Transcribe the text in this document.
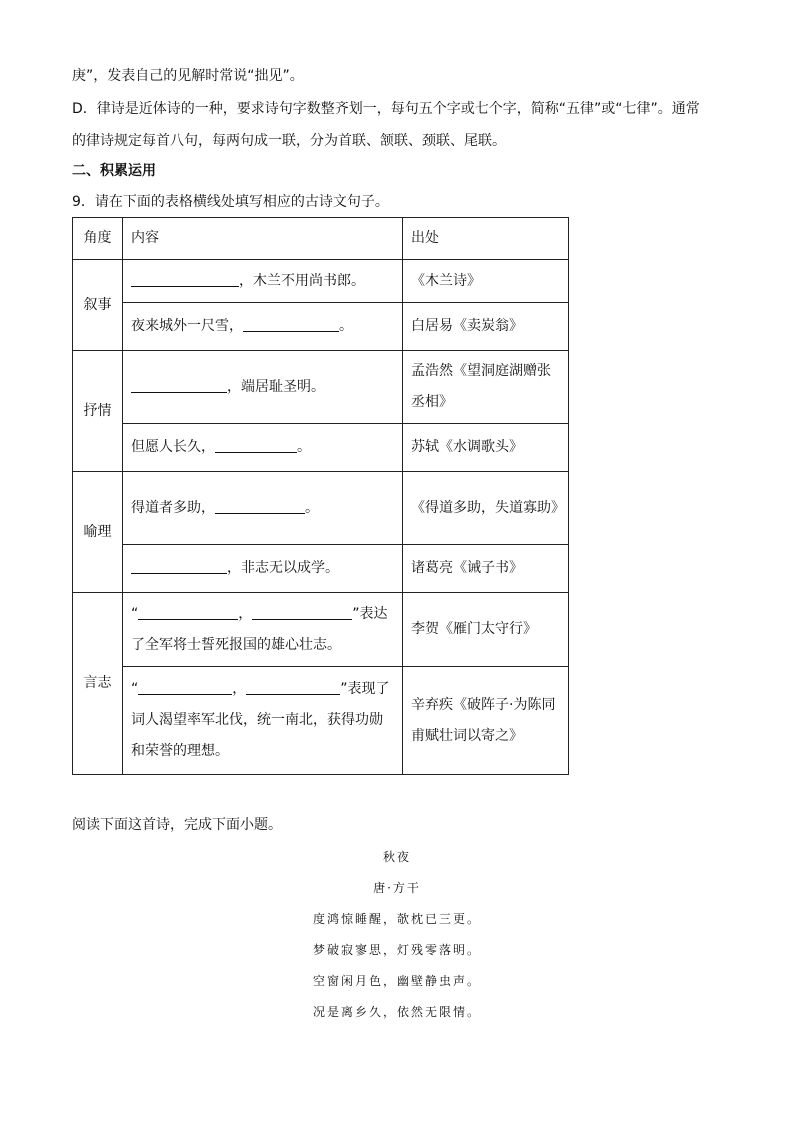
庚”，发表自己的见解时常说“拙见”。
D．律诗是近体诗的一种，要求诗句字数整齐划一，每句五个字或七个字，简称“五律”或“七律”。通常
的律诗规定每首八句，每两句成一联，分为首联、颔联、颈联、尾联。
二、积累运用
9．请在下面的表格横线处填写相应的古诗文句子。
角度	内容	出处
叙事	，木兰不用尚书郎。	《木兰诗》
	夜来城外一尺雪， 。	白居易《卖炭翁》
抒情	，端居耻圣明。	孟浩然《望洞庭湖赠张丞相》
	但愿人长久， 。	苏轼《水调歌头》
喻理	得道者多助， 。	《得道多助，失道寡助》
	，非志无以成学。	诸葛亮《诫子书》
言志	“ ， ”表达了全军将士誓死报国的雄心壮志。	李贺《雁门太守行》
	“ ， ”表现了词人渴望率军北伐，统一南北，获得功勋和荣誉的理想。	辛弃疾《破阵子·为陈同甫赋壮词以寄之》
阅读下面这首诗，完成下面小题。
秋夜
唐·方干
度鸿惊睡醒，欹枕已三更。
梦破寂寥思，灯残零落明。
空窗闲月色，幽壁静虫声。
况是离乡久，依然无限情。
